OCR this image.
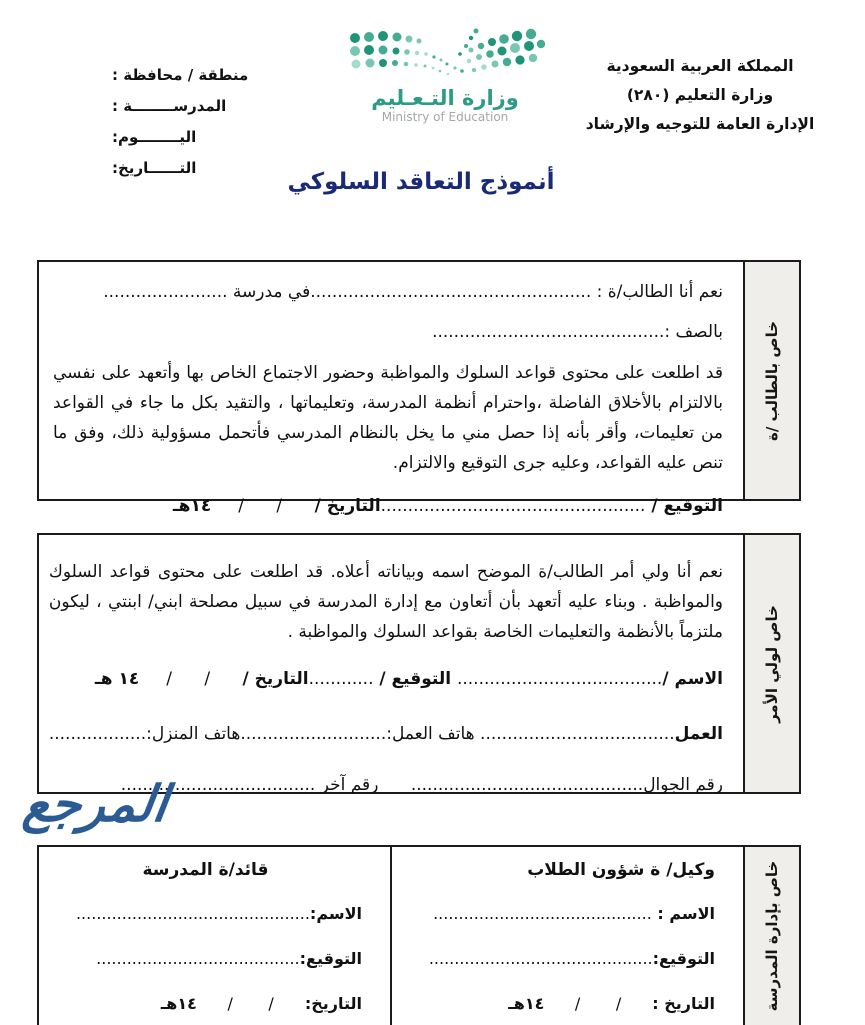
المملكة العربية السعودية
وزارة التعليم (٢٨٠)
الإدارة العامة للتوجيه والإرشاد
وزارة التـعـليم
Ministry of Education
منطقة / محافظة :
المدرســــــــة :
اليــــــــوم:
التــــــاريخ:
أنموذج التعاقد السلوكي
خاص بالطالب /ة

نعم أنا الطالب/ة : ....................................................في مدرسة .......................

بالصف :...........................................

قد اطلعت على محتوى قواعد السلوك والمواظبة وحضور الاجتماع الخاص بها وأتعهد على نفسي بالالتزام بالأخلاق الفاضلة ،واحترام أنظمة المدرسة، وتعليماتها ، والتقيد بكل ما جاء في القواعد من تعليمات، وأقر بأنه إذا حصل مني ما يخل بالنظام المدرسي فأتحمل مسؤولية ذلك، وفق ما تنص عليه القواعد، وعليه جرى التوقيع والالتزام.

التوقيع / .................................................التاريخ /      /      /     ١٤هـ

خاص لولي الأمر

نعم أنا ولي أمر الطالب/ة الموضح اسمه وبياناته أعلاه. قد اطلعت على محتوى قواعد السلوك والمواظبة . وبناء عليه أتعهد بأن أتعاون مع إدارة المدرسة في سبيل مصلحة ابني/ ابنتي ، ليكون ملتزماً بالأنظمة والتعليمات الخاصة بقواعد السلوك والمواظبة .

الاسم /...................................... التوقيع / ............التاريخ /      /      /     ١٤ هـ

العمل.................................... هاتف العمل:...........................هاتف المنزل:..................

رقم الجوال...........................................      رقم آخر ....................................

المرجع
خاص بإدارة المدرسة

وكيل/ ة شؤون الطلاب

الاسم : ...........................................

التوقيع:............................................

التاريخ :      /       /      ١٤هـ

قائد/ة المدرسة

الاسم:..............................................

التوقيع:........................................

التاريخ:      /       /      ١٤هـ
